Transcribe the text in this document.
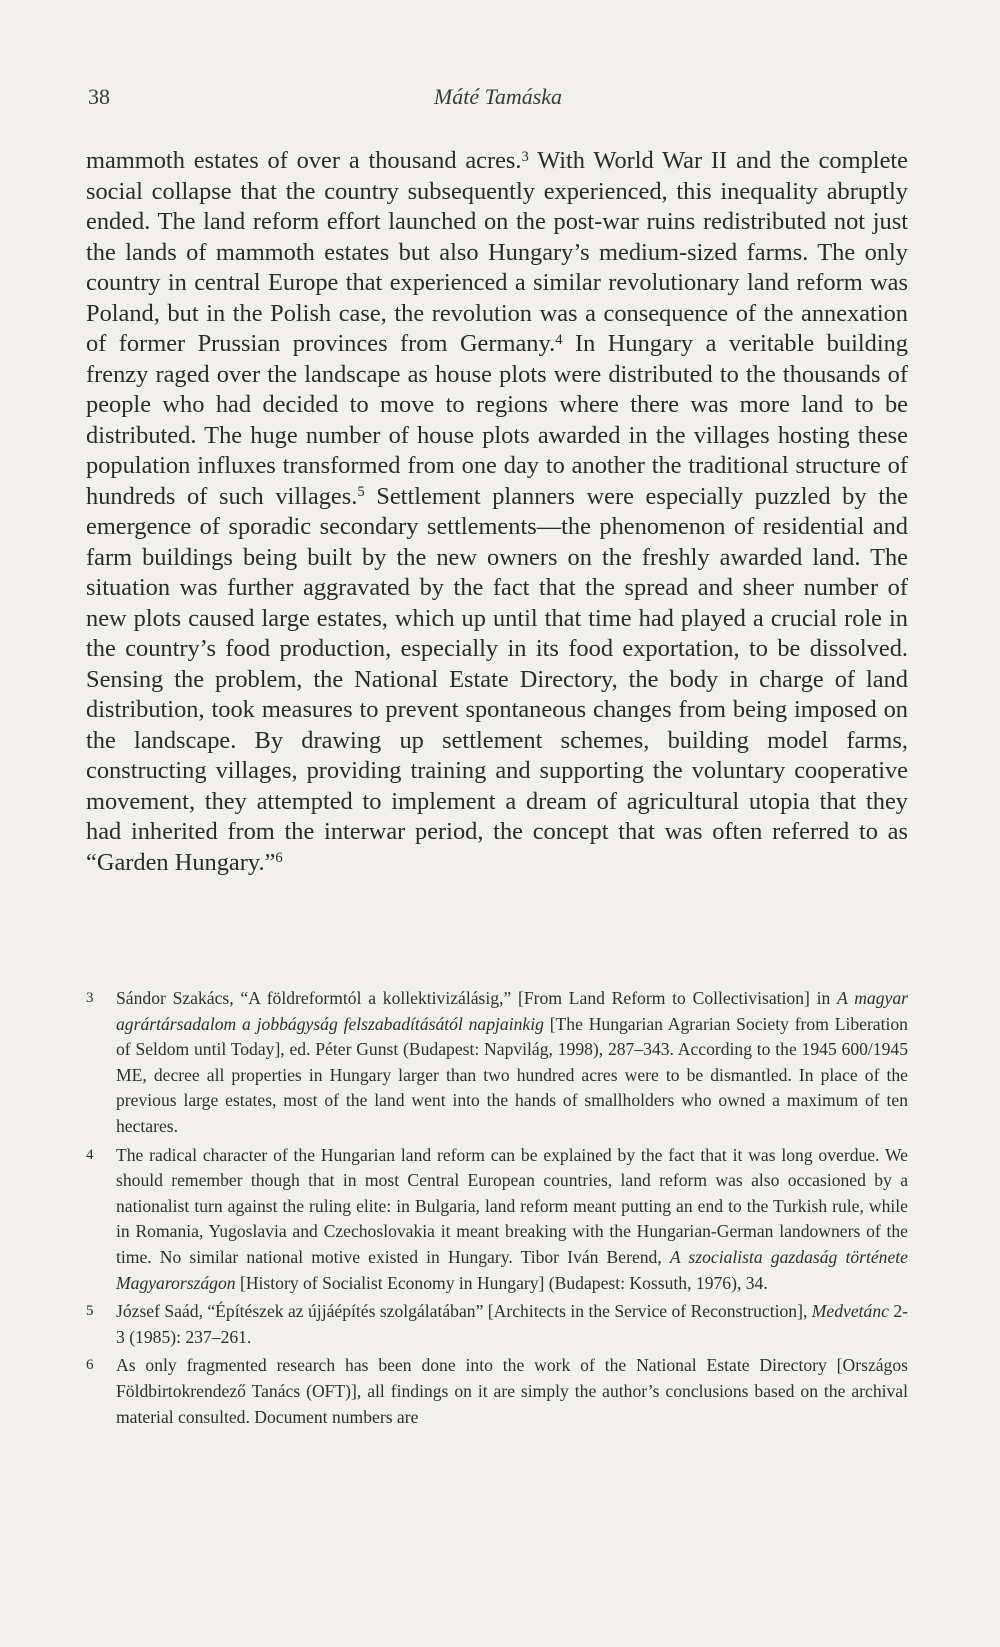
38	Máté Tamáska

mammoth estates of over a thousand acres.$^3$ With World War II and the complete social collapse that the country subsequently experienced, this inequality abruptly ended. The land reform effort launched on the post-war ruins redistributed not just the lands of mammoth estates but also Hungary’s medium-sized farms. The only country in central Europe that experienced a similar revolutionary land reform was Poland, but in the Polish case, the revolution was a consequence of the annexation of former Prussian provinces from Germany.$^4$ In Hungary a veritable building frenzy raged over the landscape as house plots were distributed to the thousands of people who had decided to move to regions where there was more land to be distributed. The huge number of house plots awarded in the villages hosting these population influxes transformed from one day to another the traditional structure of hundreds of such villages.$^5$ Settlement planners were especially puzzled by the emergence of sporadic secondary settlements—the phenomenon of residential and farm buildings being built by the new owners on the freshly awarded land. The situation was further aggravated by the fact that the spread and sheer number of new plots caused large estates, which up until that time had played a crucial role in the country’s food production, especially in its food exportation, to be dissolved. Sensing the problem, the National Estate Directory, the body in charge of land distribution, took measures to prevent spontaneous changes from being imposed on the landscape. By drawing up settlement schemes, building model farms, constructing villages, providing training and supporting the voluntary cooperative movement, they attempted to implement a dream of agricultural utopia that they had inherited from the interwar period, the concept that was often referred to as “Garden Hungary.”$^6$

3 Sándor Szakács, “A földreformtól a kollektivizálásig,” [From Land Reform to Collectivisation] in A magyar agrártársadalom a jobbágyság felszabadításától napjainkig [The Hungarian Agrarian Society from Liberation of Seldom until Today], ed. Péter Gunst (Budapest: Napvilág, 1998), 287–343. According to the 1945 600/1945 ME, decree all properties in Hungary larger than two hundred acres were to be dismantled. In place of the previous large estates, most of the land went into the hands of smallholders who owned a maximum of ten hectares.

4 The radical character of the Hungarian land reform can be explained by the fact that it was long overdue. We should remember though that in most Central European countries, land reform was also occasioned by a nationalist turn against the ruling elite: in Bulgaria, land reform meant putting an end to the Turkish rule, while in Romania, Yugoslavia and Czechoslovakia it meant breaking with the Hungarian-German landowners of the time. No similar national motive existed in Hungary. Tibor Iván Berend, A szocialista gazdaság története Magyarországon [History of Socialist Economy in Hungary] (Budapest: Kossuth, 1976), 34.

5 József Saád, “Építészek az újjáépítés szolgálatában” [Architects in the Service of Reconstruction], Medvetánc 2-3 (1985): 237–261.

6 As only fragmented research has been done into the work of the National Estate Directory [Országos Földbirtokrendező Tanács (OFT)], all findings on it are simply the author’s conclusions based on the archival material consulted. Document numbers are
